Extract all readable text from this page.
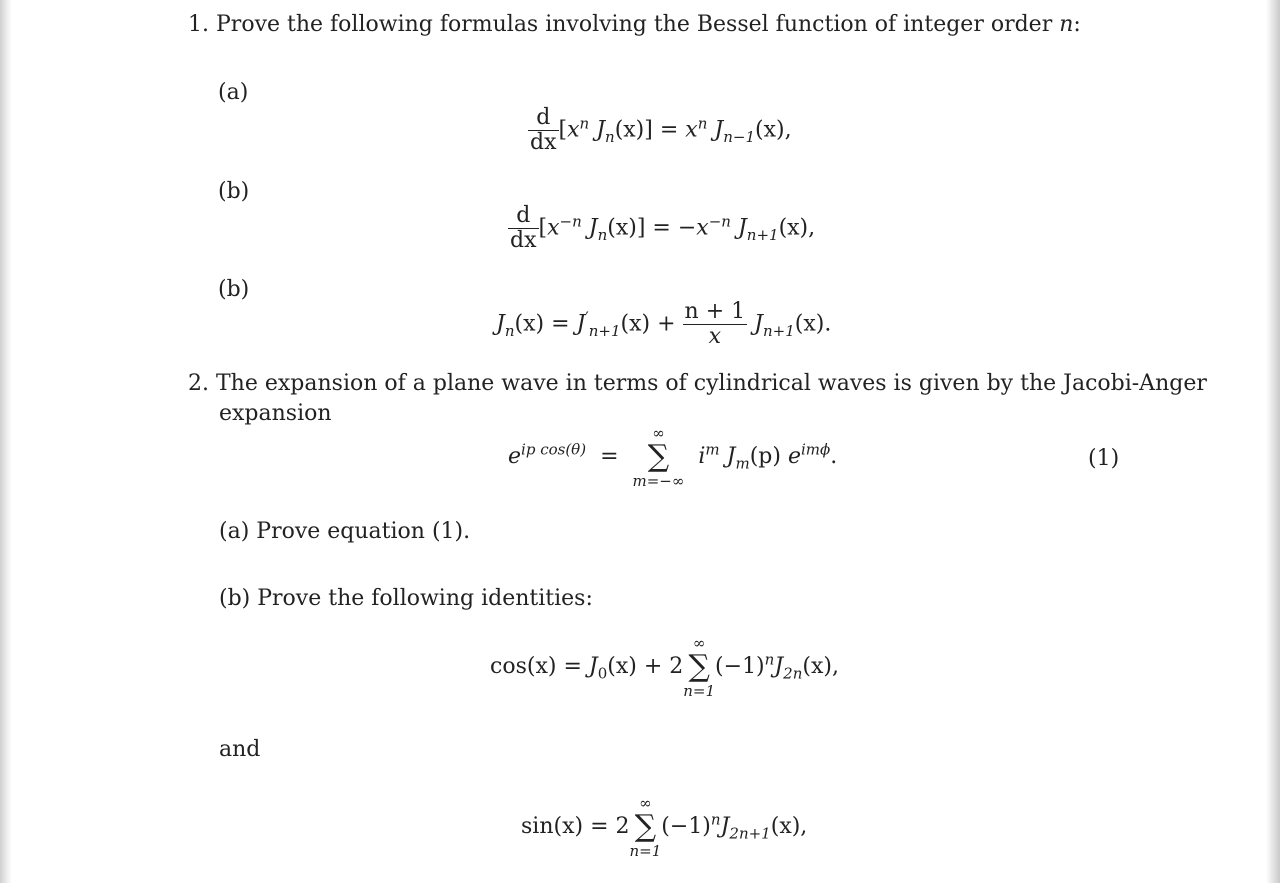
1. Prove the following formulas involving the Bessel function of integer order n:
(a)
$\frac{d}{dx} [x^n$ $J_n(x)] = x^n$ $J_{n-1}(x)$,
(b)
$\frac{d}{dx} [x^{-n}$ $J_n(x)] = -x^{-n}$ $J_{n+1}(x)$,
(b)
$J_n(x) = J'_{n+1}(x) + \frac{n + 1}{x} J_{n+1}(x)$.
2. The expansion of a plane wave in terms of cylindrical waves is given by the Jacobi-Anger
expansion
$e^{ip cos(\theta)}$ =
∞
∑
m=−∞
$i^m$ $J_m(p)$ $e^{im\phi}$.	(1)
(a) Prove equation (1).
(b) Prove the following identities:
$\cos(x) = J_0(x) + 2$
∞
∑
n=1
$(-1)^nJ_{2n}(x)$,
and
sin(x) = 2
∞
∑
n=1
$(-1)^nJ_{2n+1}(x)$,
